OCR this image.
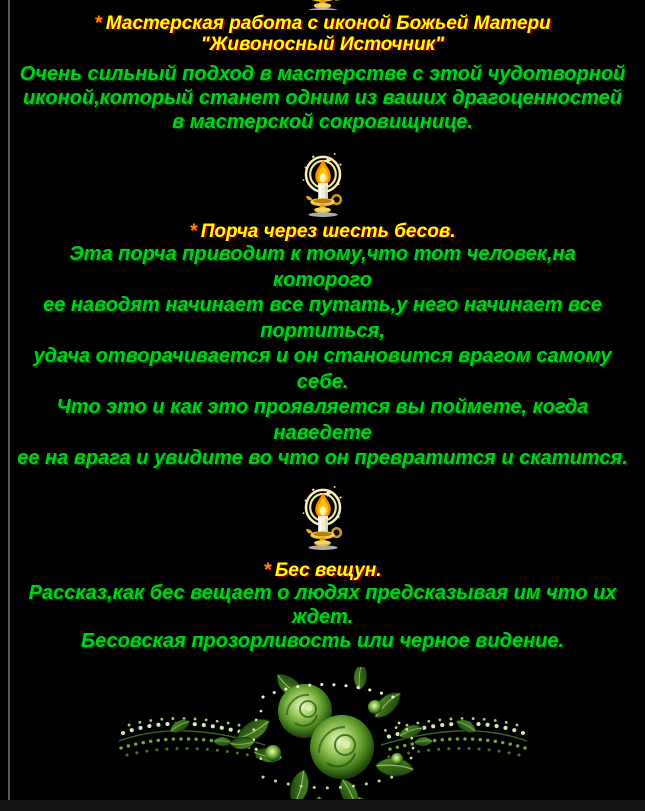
* Мастерская работа с иконой Божьей Матери
"Живоносный Источник"
Очень сильный подход в мастерстве с этой чудотворной
иконой,который станет одним из ваших драгоценностей
в мастерской сокровищнице.
* Порча через шесть бесов.
Эта порча приводит к тому,что тот человек,на
которого
ее наводят начинает все путать,у него начинает все
портиться,
удача отворачивается и он становится врагом самому
себе.
Что это и как это проявляется вы поймете, когда
наведете
ее на врага и увидите во что он превратится и скатится.
* Бес вещун.
Рассказ,как бес вещает о людях предсказывая им что их
ждет.
Бесовская прозорливость или черное видение.
